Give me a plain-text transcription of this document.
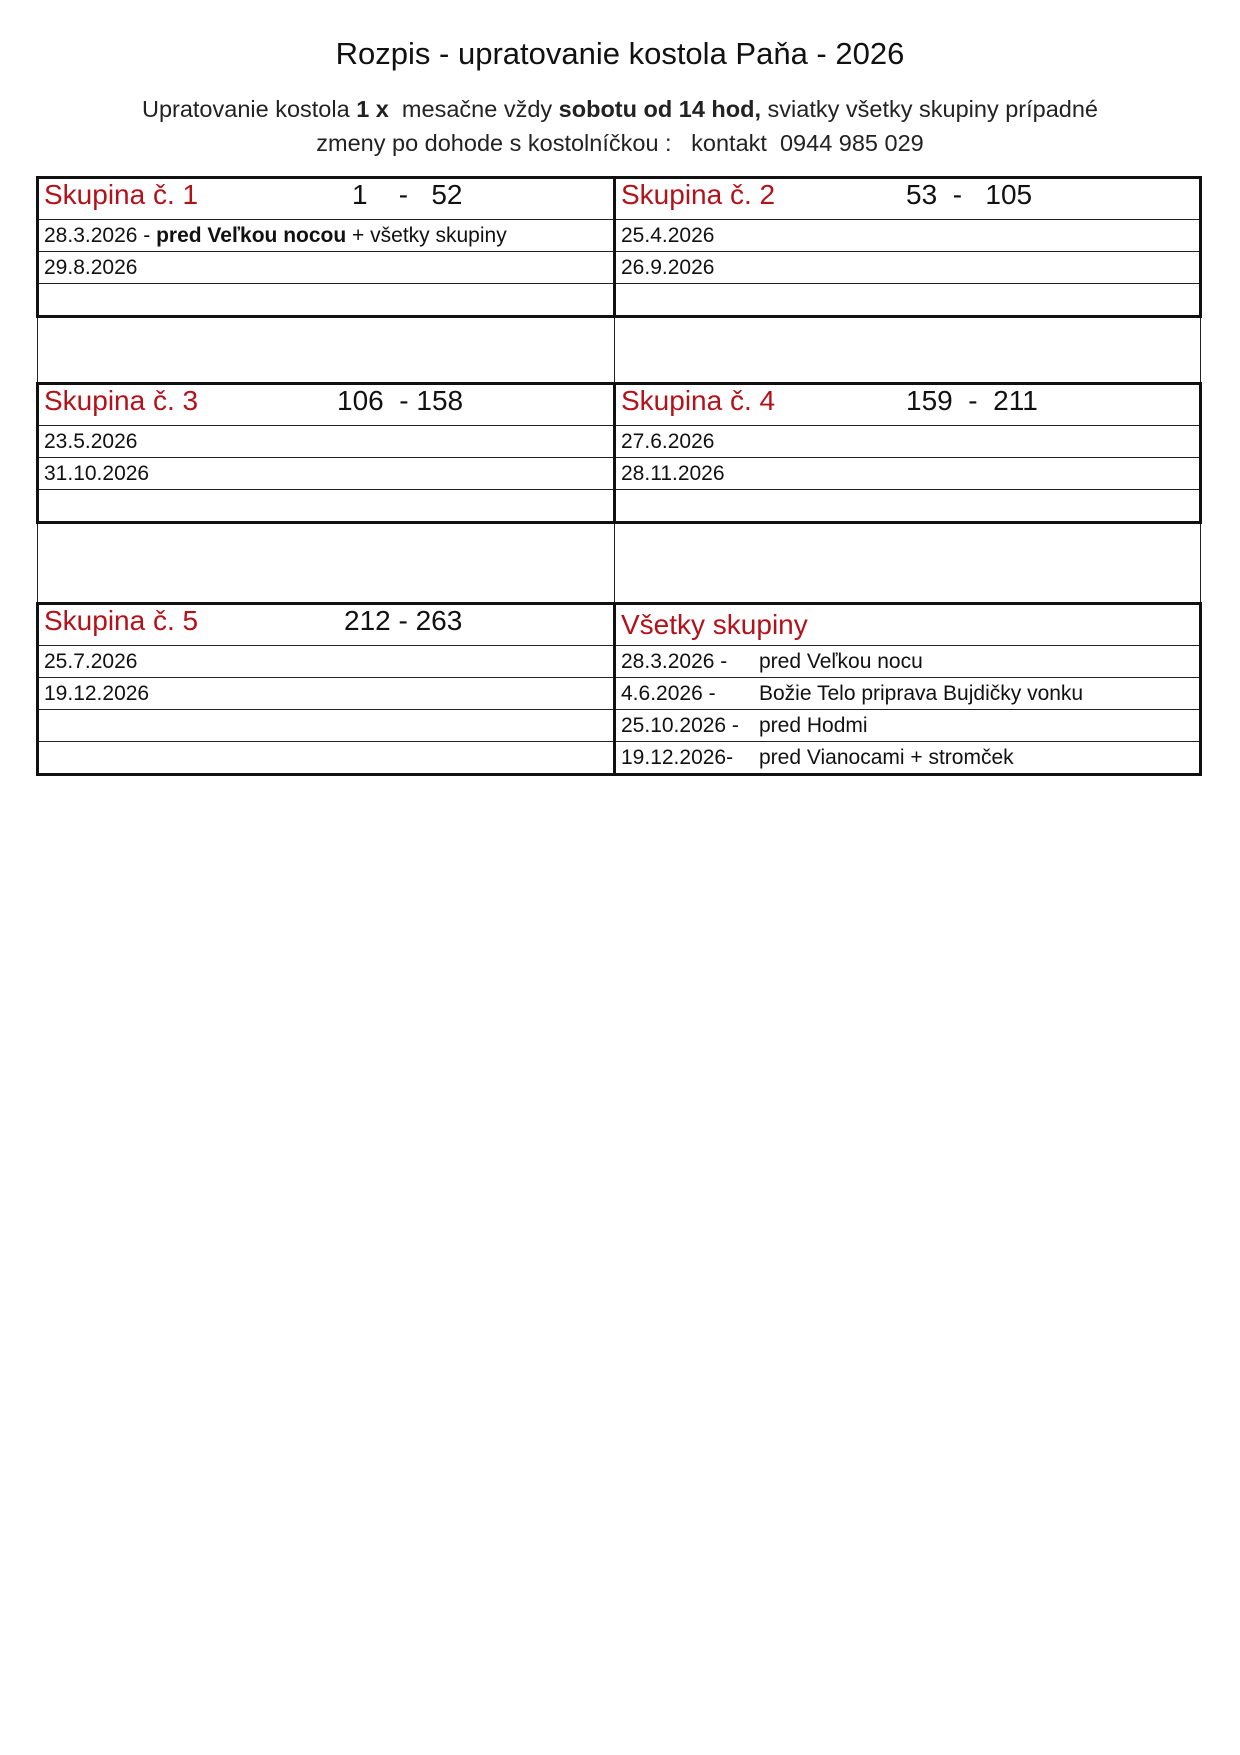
Rozpis - upratovanie kostola Paňa - 2026
Upratovanie kostola 1 x  mesačne vždy sobotu od 14 hod, sviatky všetky skupiny prípadné
zmeny po dohode s kostolníčkou :   kontakt  0944 985 029
Skupina č. 1 1    -   52	Skupina č. 2 53  -   105

28.3.2026 - pred Veľkou nocou + všetky skupiny	25.4.2026
29.8.2026	26.9.2026

Skupina č. 3 106  - 158	Skupina č. 4 159  -  211

23.5.2026	27.6.2026
31.10.2026	28.11.2026

Skupina č. 5 212 - 263	Všetky skupiny
25.7.2026	28.3.2026 - pred Veľkou nocu
19.12.2026	4.6.2026 - Božie Telo priprava Bujdičky vonku
	25.10.2026 - pred Hodmi
	19.12.2026- pred Vianocami + stromček
